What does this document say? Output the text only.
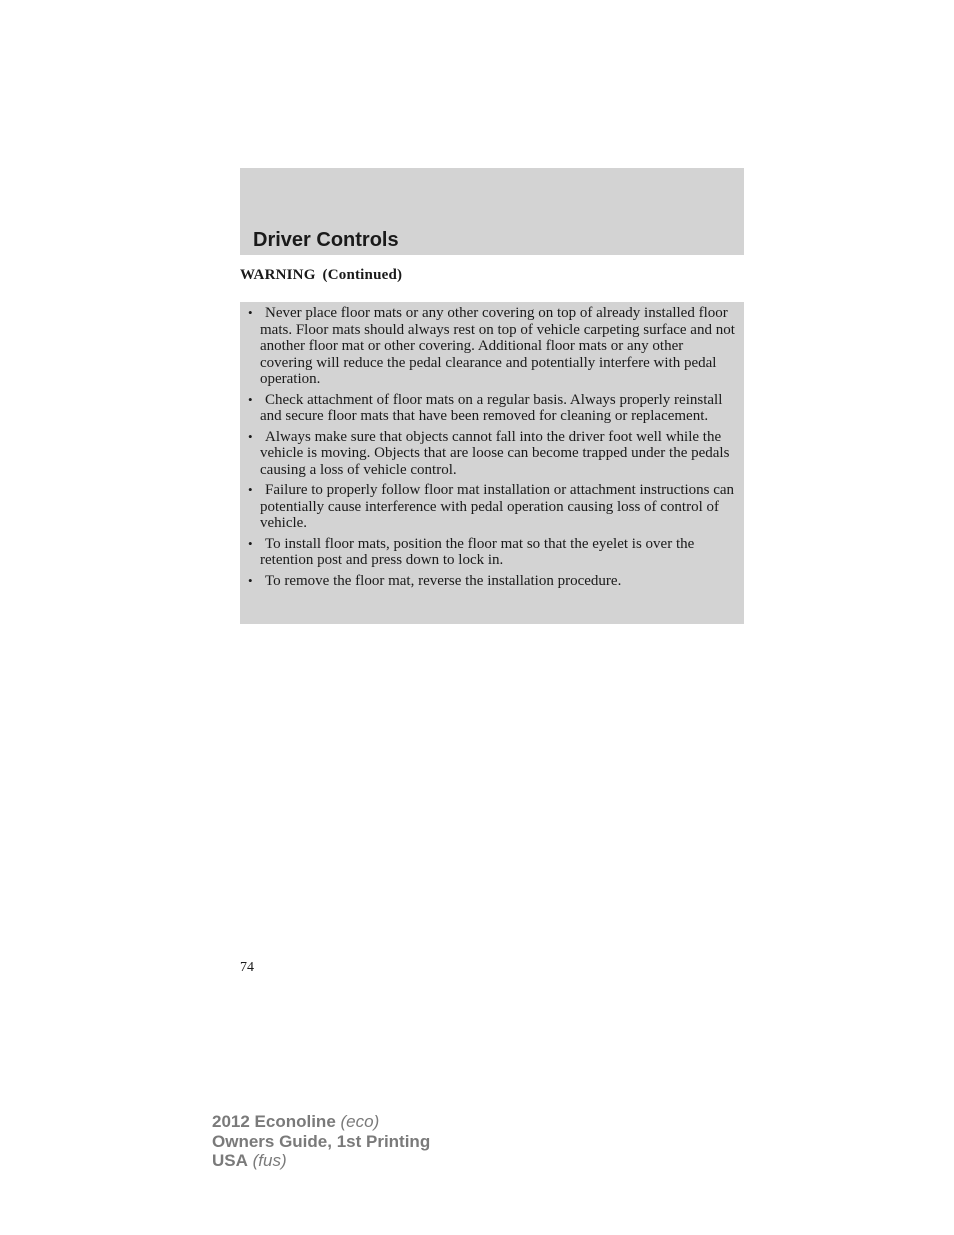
Driver Controls
WARNING (Continued)
• Never place floor mats or any other covering on top of already installed floor mats. Floor mats should always rest on top of vehicle carpeting surface and not another floor mat or other covering. Additional floor mats or any other covering will reduce the pedal clearance and potentially interfere with pedal operation.
• Check attachment of floor mats on a regular basis. Always properly reinstall and secure floor mats that have been removed for cleaning or replacement.
• Always make sure that objects cannot fall into the driver foot well while the vehicle is moving. Objects that are loose can become trapped under the pedals causing a loss of vehicle control.
• Failure to properly follow floor mat installation or attachment instructions can potentially cause interference with pedal operation causing loss of control of vehicle.
• To install floor mats, position the floor mat so that the eyelet is over the retention post and press down to lock in.
• To remove the floor mat, reverse the installation procedure.
74
2012 Econoline (eco)
Owners Guide, 1st Printing
USA (fus)
